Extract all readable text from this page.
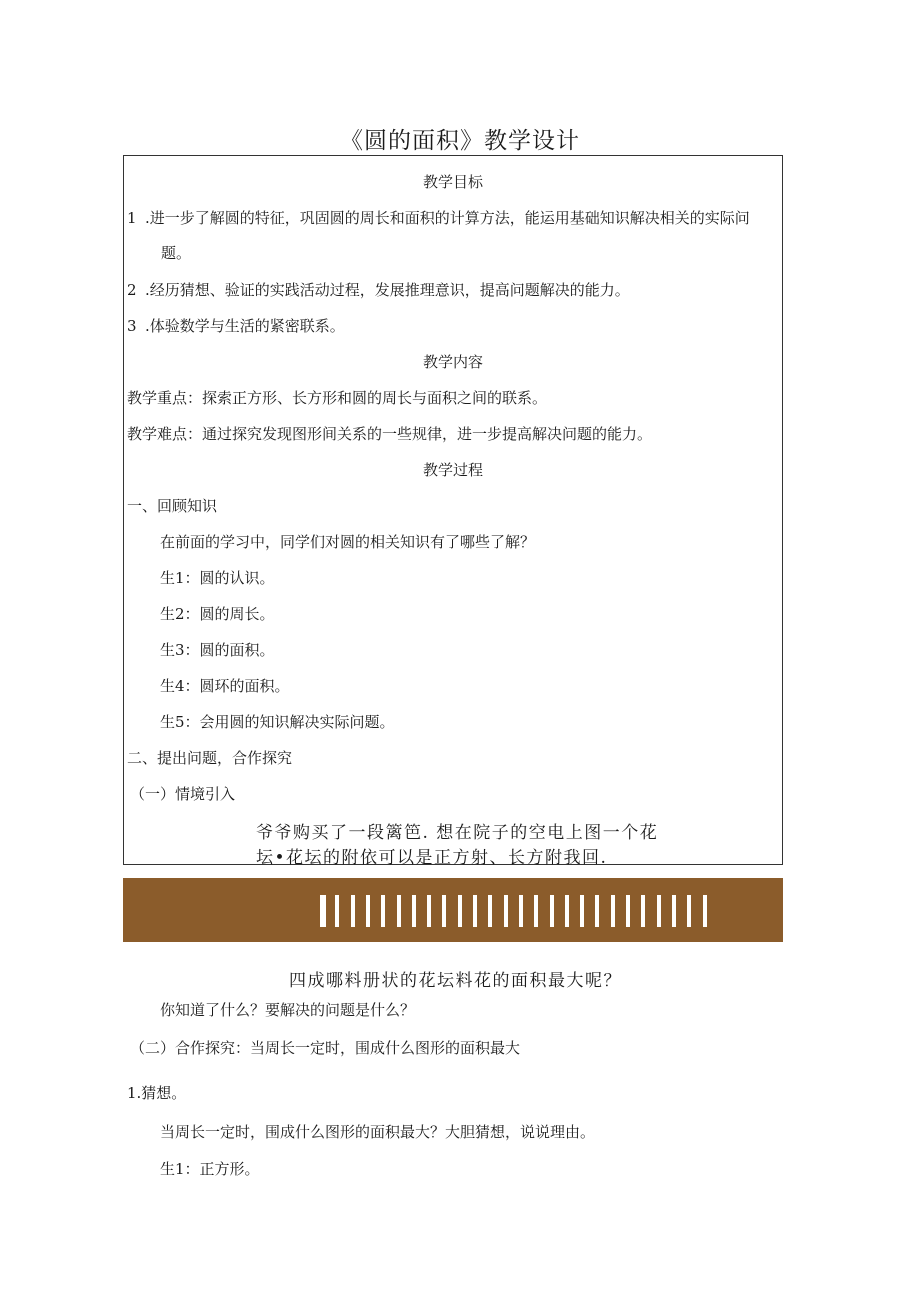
《圆的面积》教学设计
教学目标
1 .进一步了解圆的特征，巩固圆的周长和面积的计算方法，能运用基础知识解决相关的实际问
题。
2 .经历猜想、验证的实践活动过程，发展推理意识，提高问题解决的能力。
3 .体验数学与生活的紧密联系。
教学内容
教学重点：探索正方形、长方形和圆的周长与面积之间的联系。
教学难点：通过探究发现图形间关系的一些规律，进一步提高解决问题的能力。
教学过程
一、回顾知识
在前面的学习中，同学们对圆的相关知识有了哪些了解？
生1：圆的认识。
生2：圆的周长。
生3：圆的面积。
生4：圆环的面积。
生5：会用圆的知识解决实际问题。
二、提出问题，合作探究
（一）情境引入
爷爷购买了一段篱笆. 想在院子的空电上图一个花
坛•花坛的附依可以是正方射、长方附我回.
四成哪料册状的花坛料花的面积最大呢？
你知道了什么？要解决的问题是什么？
（二）合作探究：当周长一定时，围成什么图形的面积最大
1.猜想。
当周长一定时，围成什么图形的面积最大？大胆猜想，说说理由。
生1：正方形。
